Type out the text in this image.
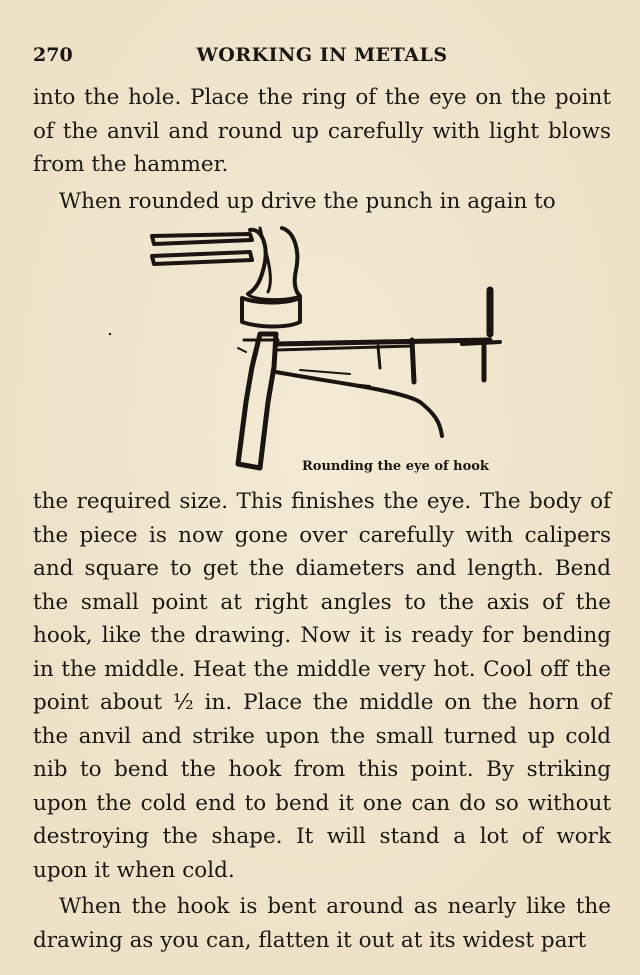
270	WORKING IN METALS

into the hole. Place the ring of the eye on the point of the anvil and round up carefully with light blows from the hammer.

When rounded up drive the punch in again to

Rounding the eye of hook

the required size. This finishes the eye. The body of the piece is now gone over carefully with calipers and square to get the diameters and length. Bend the small point at right angles to the axis of the hook, like the drawing. Now it is ready for bending in the middle. Heat the middle very hot. Cool off the point about ½ in. Place the middle on the horn of the anvil and strike upon the small turned up cold nib to bend the hook from this point. By striking upon the cold end to bend it one can do so without destroying the shape. It will stand a lot of work upon it when cold.

When the hook is bent around as nearly like the drawing as you can, flatten it out at its widest part
